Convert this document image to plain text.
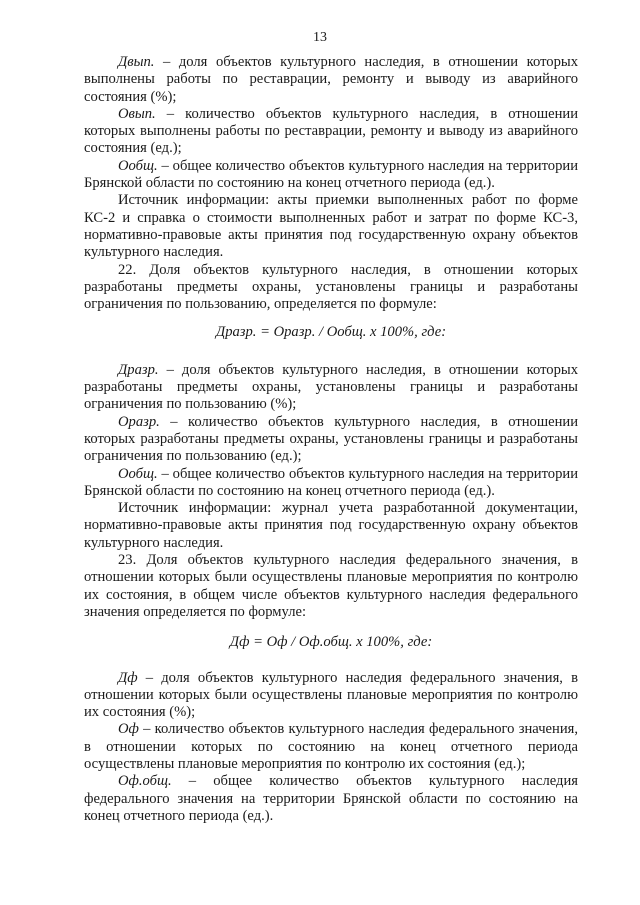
13

Двып. – доля объектов культурного наследия, в отношении которых выполнены работы по реставрации, ремонту и выводу из аварийного состояния (%);

Овып. – количество объектов культурного наследия, в отношении которых выполнены работы по реставрации, ремонту и выводу из аварийного состояния (ед.);

Ообщ. – общее количество объектов культурного наследия на территории Брянской области по состоянию на конец отчетного периода (ед.).

Источник информации: акты приемки выполненных работ по форме КС-2 и справка о стоимости выполненных работ и затрат по форме КС-3, нормативно-правовые акты принятия под государственную охрану объектов культурного наследия.

22. Доля объектов культурного наследия, в отношении которых разработаны предметы охраны, установлены границы и разработаны ограничения по пользованию, определяется по формуле:

Дразр. = Оразр. / Ообщ. х 100%, где:

Дразр. – доля объектов культурного наследия, в отношении которых разработаны предметы охраны, установлены границы и разработаны ограничения по пользованию (%);

Оразр. – количество объектов культурного наследия, в отношении которых разработаны предметы охраны, установлены границы и разработаны ограничения по пользованию (ед.);

Ообщ. – общее количество объектов культурного наследия на территории Брянской области по состоянию на конец отчетного периода (ед.).

Источник информации: журнал учета разработанной документации, нормативно-правовые акты принятия под государственную охрану объектов культурного наследия.

23. Доля объектов культурного наследия федерального значения, в отношении которых были осуществлены плановые мероприятия по контролю их состояния, в общем числе объектов культурного наследия федерального значения определяется по формуле:

Дф = Оф / Оф.общ. х 100%, где:

Дф – доля объектов культурного наследия федерального значения, в отношении которых были осуществлены плановые мероприятия по контролю их состояния (%);

Оф – количество объектов культурного наследия федерального значения, в отношении которых по состоянию на конец отчетного периода осуществлены плановые мероприятия по контролю их состояния (ед.);

Оф.общ. – общее количество объектов культурного наследия федерального значения на территории Брянской области по состоянию на конец отчетного периода (ед.).
